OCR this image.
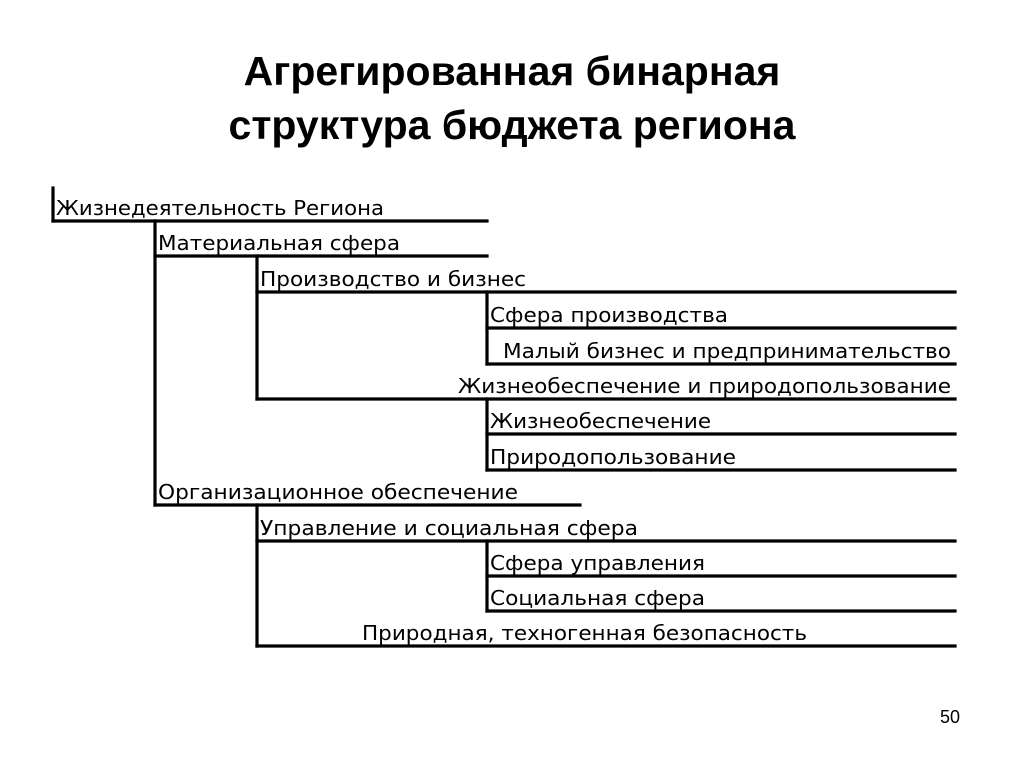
Агрегированная бинарная
структура бюджета региона
Жизнедеятельность Региона
Материальная сфера
Производство и бизнес
Сфера производства
Малый бизнес и предпринимательство
Жизнеобеспечение и природопользование
Жизнеобеспечение
Природопользование
Организационное обеспечение
Управление и социальная сфера
Сфера управления
Социальная сфера
Природная, техногенная безопасность
50
